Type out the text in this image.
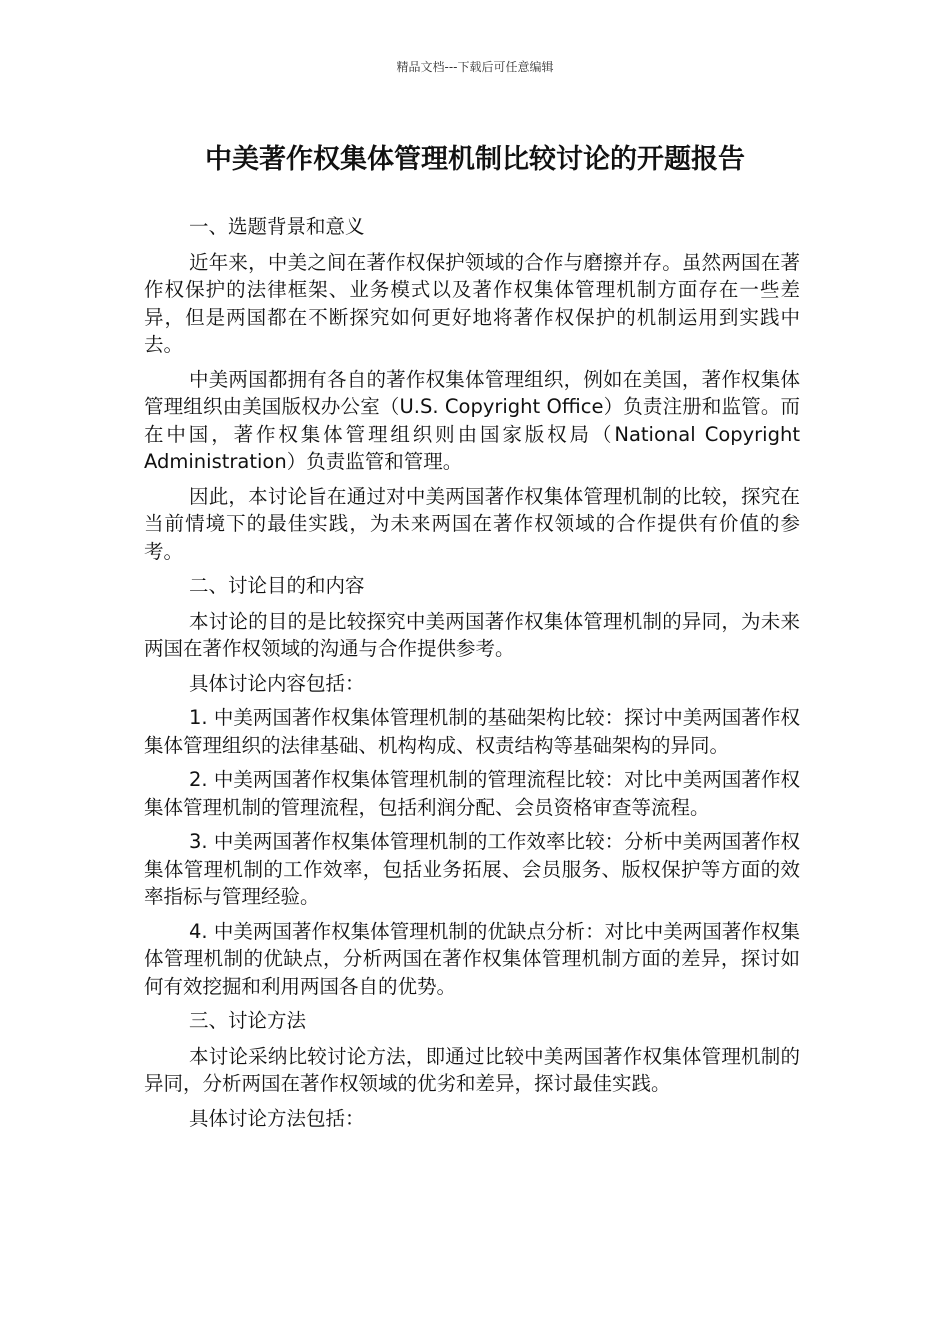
精品文档---下载后可任意编辑
中美著作权集体管理机制比较讨论的开题报告

一、选题背景和意义

近年来，中美之间在著作权保护领域的合作与磨擦并存。虽然两国在著作权保护的法律框架、业务模式以及著作权集体管理机制方面存在一些差异，但是两国都在不断探究如何更好地将著作权保护的机制运用到实践中去。

中美两国都拥有各自的著作权集体管理组织，例如在美国，著作权集体管理组织由美国版权办公室（U.S. Copyright Office）负责注册和监管。而在中国，著作权集体管理组织则由国家版权局（National Copyright Administration）负责监管和管理。

因此，本讨论旨在通过对中美两国著作权集体管理机制的比较，探究在当前情境下的最佳实践，为未来两国在著作权领域的合作提供有价值的参考。

二、讨论目的和内容

本讨论的目的是比较探究中美两国著作权集体管理机制的异同，为未来两国在著作权领域的沟通与合作提供参考。

具体讨论内容包括：

1. 中美两国著作权集体管理机制的基础架构比较：探讨中美两国著作权集体管理组织的法律基础、机构构成、权责结构等基础架构的异同。

2. 中美两国著作权集体管理机制的管理流程比较：对比中美两国著作权集体管理机制的管理流程，包括利润分配、会员资格审查等流程。

3. 中美两国著作权集体管理机制的工作效率比较：分析中美两国著作权集体管理机制的工作效率，包括业务拓展、会员服务、版权保护等方面的效率指标与管理经验。

4. 中美两国著作权集体管理机制的优缺点分析：对比中美两国著作权集体管理机制的优缺点，分析两国在著作权集体管理机制方面的差异，探讨如何有效挖掘和利用两国各自的优势。

三、讨论方法

本讨论采纳比较讨论方法，即通过比较中美两国著作权集体管理机制的异同，分析两国在著作权领域的优劣和差异，探讨最佳实践。

具体讨论方法包括：
